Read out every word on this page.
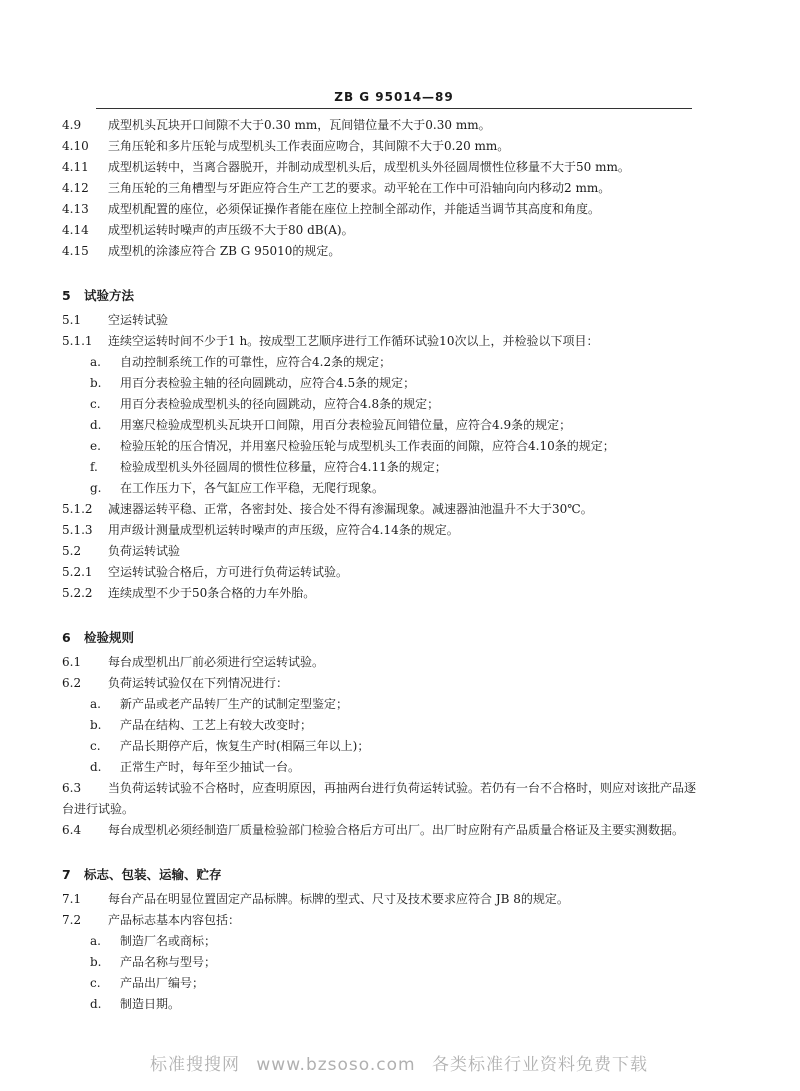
ZB G 95014—89
4.9 成型机头瓦块开口间隙不大于0.30 mm，瓦间错位量不大于0.30 mm。
4.10 三角压轮和多片压轮与成型机头工作表面应吻合，其间隙不大于0.20 mm。
4.11 成型机运转中，当离合器脱开，并制动成型机头后，成型机头外径圆周惯性位移量不大于50 mm。
4.12 三角压轮的三角槽型与牙距应符合生产工艺的要求。动平轮在工作中可沿轴向向内移动2 mm。
4.13 成型机配置的座位，必须保证操作者能在座位上控制全部动作，并能适当调节其高度和角度。
4.14 成型机运转时噪声的声压级不大于80 dB(A)。
4.15 成型机的涂漆应符合 ZB G 95010的规定。
5 试验方法
5.1 空运转试验
5.1.1 连续空运转时间不少于1 h。按成型工艺顺序进行工作循环试验10次以上，并检验以下项目：
a. 自动控制系统工作的可靠性，应符合4.2条的规定；
b. 用百分表检验主轴的径向圆跳动，应符合4.5条的规定；
c. 用百分表检验成型机头的径向圆跳动，应符合4.8条的规定；
d. 用塞尺检验成型机头瓦块开口间隙，用百分表检验瓦间错位量，应符合4.9条的规定；
e. 检验压轮的压合情况，并用塞尺检验压轮与成型机头工作表面的间隙，应符合4.10条的规定；
f. 检验成型机头外径圆周的惯性位移量，应符合4.11条的规定；
g. 在工作压力下，各气缸应工作平稳，无爬行现象。
5.1.2 减速器运转平稳、正常，各密封处、接合处不得有渗漏现象。减速器油池温升不大于30℃。
5.1.3 用声级计测量成型机运转时噪声的声压级，应符合4.14条的规定。
5.2 负荷运转试验
5.2.1 空运转试验合格后，方可进行负荷运转试验。
5.2.2 连续成型不少于50条合格的力车外胎。
6 检验规则
6.1 每台成型机出厂前必须进行空运转试验。
6.2 负荷运转试验仅在下列情况进行：
a. 新产品或老产品转厂生产的试制定型鉴定；
b. 产品在结构、工艺上有较大改变时；
c. 产品长期停产后，恢复生产时(相隔三年以上)；
d. 正常生产时，每年至少抽试一台。
6.3 当负荷运转试验不合格时，应查明原因，再抽两台进行负荷运转试验。若仍有一台不合格时，则应对该批产品逐台进行试验。
6.4 每台成型机必须经制造厂质量检验部门检验合格后方可出厂。出厂时应附有产品质量合格证及主要实测数据。
7 标志、包装、运输、贮存
7.1 每台产品在明显位置固定产品标牌。标牌的型式、尺寸及技术要求应符合 JB 8的规定。
7.2 产品标志基本内容包括：
a. 制造厂名或商标；
b. 产品名称与型号；
c. 产品出厂编号；
d. 制造日期。
标准搜搜网 www.bzsoso.com 各类标准行业资料免费下载
